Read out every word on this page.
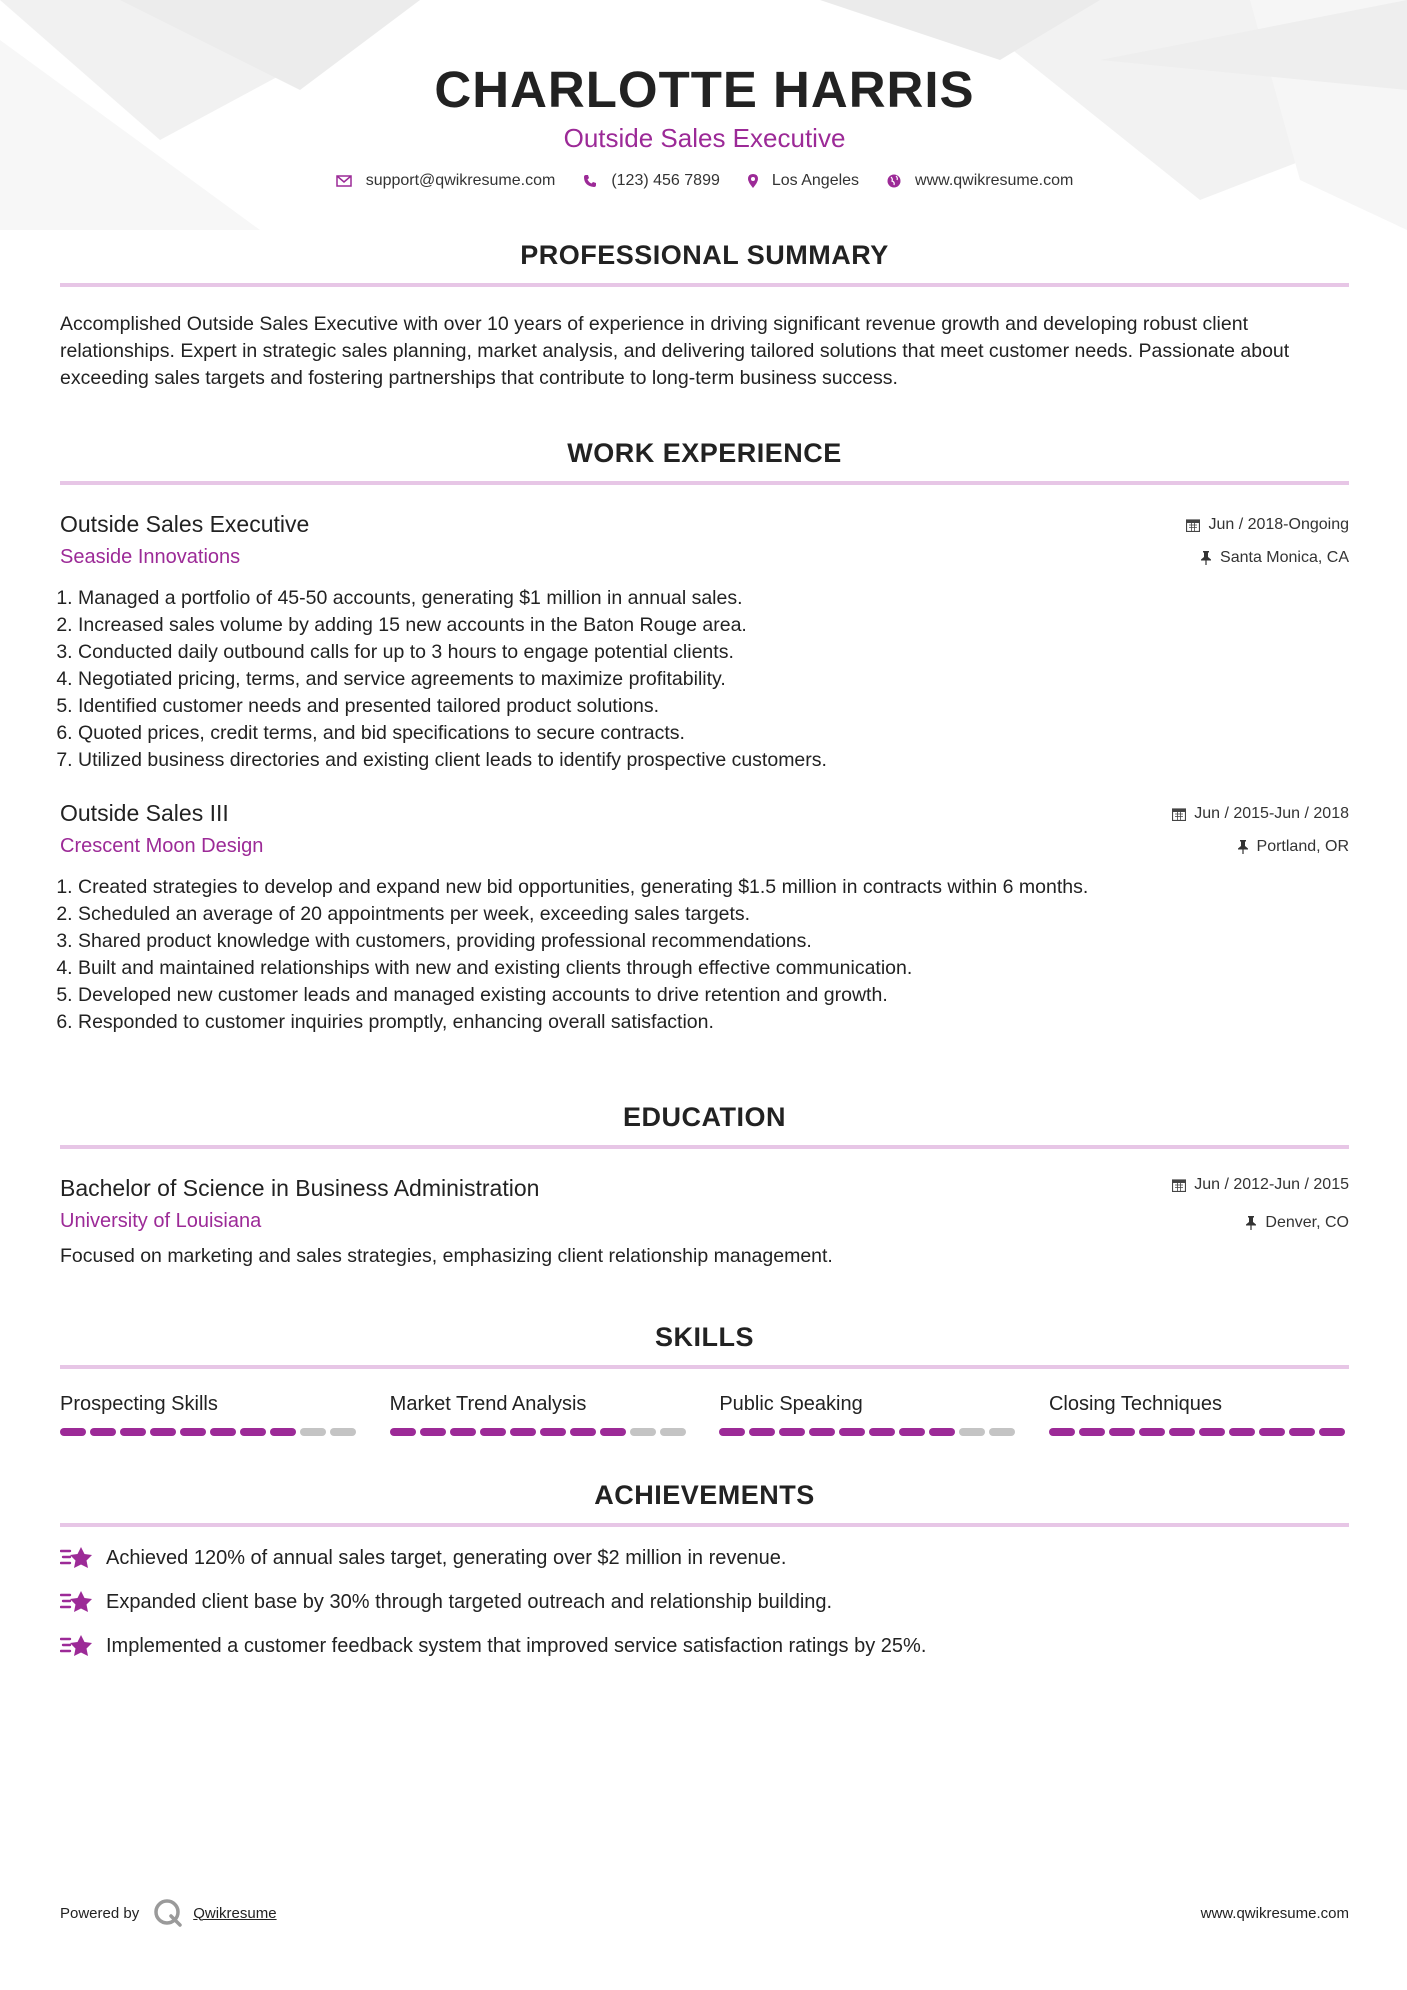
CHARLOTTE HARRIS
Outside Sales Executive
support@qwikresume.com	(123) 456 7899	Los Angeles	www.qwikresume.com
PROFESSIONAL SUMMARY
Accomplished Outside Sales Executive with over 10 years of experience in driving significant revenue growth and developing robust client relationships. Expert in strategic sales planning, market analysis, and delivering tailored solutions that meet customer needs. Passionate about exceeding sales targets and fostering partnerships that contribute to long-term business success.
WORK EXPERIENCE
Outside Sales Executive
Seaside Innovations
Jun / 2018-Ongoing
Santa Monica, CA
1. Managed a portfolio of 45-50 accounts, generating $1 million in annual sales.
2. Increased sales volume by adding 15 new accounts in the Baton Rouge area.
3. Conducted daily outbound calls for up to 3 hours to engage potential clients.
4. Negotiated pricing, terms, and service agreements to maximize profitability.
5. Identified customer needs and presented tailored product solutions.
6. Quoted prices, credit terms, and bid specifications to secure contracts.
7. Utilized business directories and existing client leads to identify prospective customers.
Outside Sales III
Crescent Moon Design
Jun / 2015-Jun / 2018
Portland, OR
1. Created strategies to develop and expand new bid opportunities, generating $1.5 million in contracts within 6 months.
2. Scheduled an average of 20 appointments per week, exceeding sales targets.
3. Shared product knowledge with customers, providing professional recommendations.
4. Built and maintained relationships with new and existing clients through effective communication.
5. Developed new customer leads and managed existing accounts to drive retention and growth.
6. Responded to customer inquiries promptly, enhancing overall satisfaction.
EDUCATION
Bachelor of Science in Business Administration
University of Louisiana
Jun / 2012-Jun / 2015
Denver, CO
Focused on marketing and sales strategies, emphasizing client relationship management.
SKILLS
Prospecting Skills	Market Trend Analysis	Public Speaking	Closing Techniques
ACHIEVEMENTS
Achieved 120% of annual sales target, generating over $2 million in revenue.
Expanded client base by 30% through targeted outreach and relationship building.
Implemented a customer feedback system that improved service satisfaction ratings by 25%.
Powered by	Qwikresume	www.qwikresume.com
